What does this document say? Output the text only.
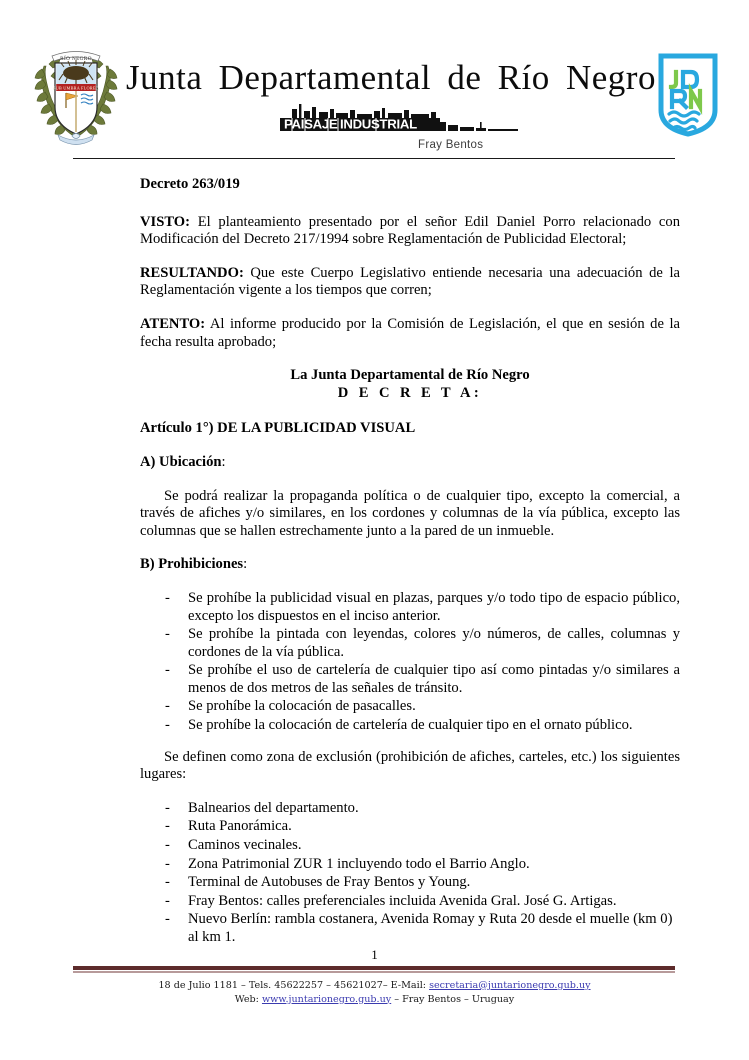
RÍO NEGRO
SUB UMBRA FLOREO Junta Departamental de Río Negro
PAISAJE INDUSTRIAL
Fray Bentos

Decreto 263/019

VISTO: El planteamiento presentado por el señor Edil Daniel Porro relacionado con Modificación del Decreto 217/1994 sobre Reglamentación de Publicidad Electoral;

RESULTANDO: Que este Cuerpo Legislativo entiende necesaria una adecuación de la Reglamentación vigente a los tiempos que corren;

ATENTO: Al informe producido por la Comisión de Legislación, el que en sesión de la fecha resulta aprobado;

La Junta Departamental de Río Negro

D E C R E T A:

Artículo 1°) DE LA PUBLICIDAD VISUAL

A) Ubicación:

Se podrá realizar la propaganda política o de cualquier tipo, excepto la comercial, a través de afiches y/o similares, en los cordones y columnas de la vía pública, excepto las columnas que se hallen estrechamente junto a la pared de un inmueble.

B) Prohibiciones:

- Se prohíbe la publicidad visual en plazas, parques y/o todo tipo de espacio público, excepto los dispuestos en el inciso anterior.
- Se prohíbe la pintada con leyendas, colores y/o números, de calles, columnas y cordones de la vía pública.
- Se prohíbe el uso de cartelería de cualquier tipo así como pintadas y/o similares a menos de dos metros de las señales de tránsito.
- Se prohíbe la colocación de pasacalles.
- Se prohíbe la colocación de cartelería de cualquier tipo en el ornato público.

Se definen como zona de exclusión (prohibición de afiches, carteles, etc.) los siguientes lugares:

- Balnearios del departamento.
- Ruta Panorámica.
- Caminos vecinales.
- Zona Patrimonial ZUR 1 incluyendo todo el Barrio Anglo.
- Terminal de Autobuses de Fray Bentos y Young.
- Fray Bentos: calles preferenciales incluida Avenida Gral. José G. Artigas.
- Nuevo Berlín: rambla costanera, Avenida Romay y Ruta 20 desde el muelle (km 0) al km 1.
1
18 de Julio 1181 – Tels. 45622257 – 45621027– E-Mail: secretaria@juntarionegro.gub.uy
Web: www.juntarionegro.gub.uy – Fray Bentos – Uruguay
